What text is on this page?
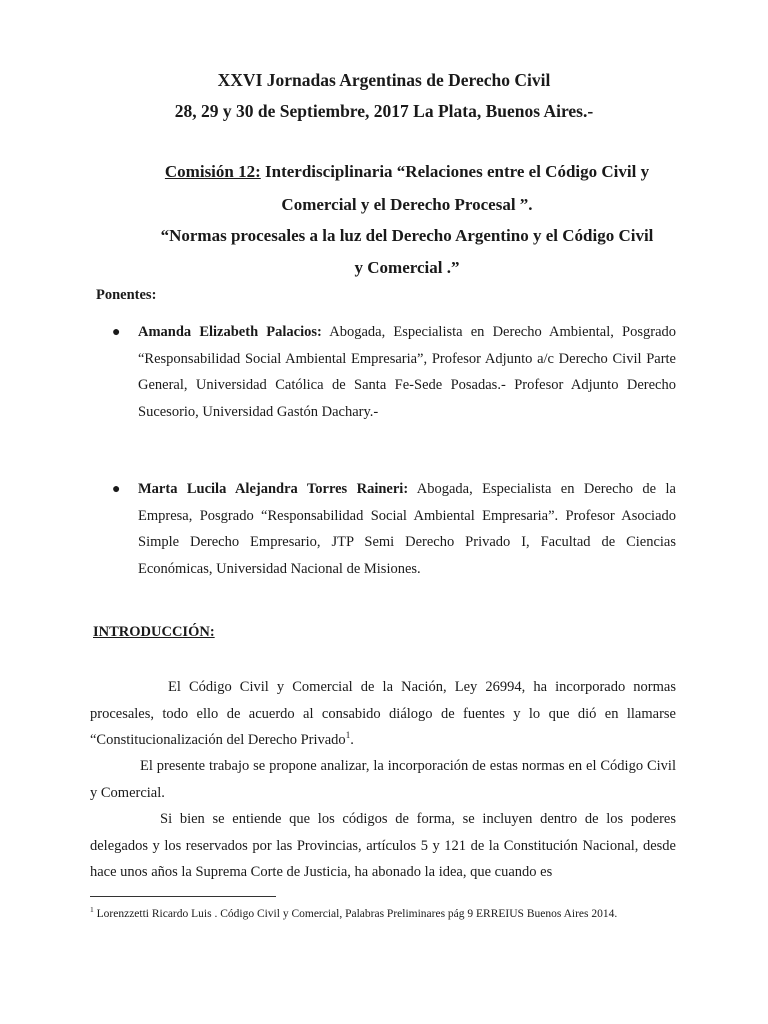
XXVI Jornadas Argentinas de Derecho Civil
28, 29 y 30 de Septiembre, 2017 La Plata, Buenos Aires.-
Comisión 12: Interdisciplinaria “Relaciones entre el Código Civil y
Comercial y el Derecho Procesal ”.
“Normas procesales a la luz del Derecho Argentino y el Código Civil
y Comercial .”
Ponentes:
● Amanda Elizabeth Palacios: Abogada, Especialista en Derecho Ambiental, Posgrado “Responsabilidad Social Ambiental Empresaria”, Profesor Adjunto a/c Derecho Civil Parte General, Universidad Católica de Santa Fe-Sede Posadas.- Profesor Adjunto Derecho Sucesorio, Universidad Gastón Dachary.-
● Marta Lucila Alejandra Torres Raineri: Abogada, Especialista en Derecho de la Empresa, Posgrado “Responsabilidad Social Ambiental Empresaria”. Profesor Asociado Simple Derecho Empresario, JTP Semi Derecho Privado I, Facultad de Ciencias Económicas, Universidad Nacional de Misiones.
INTRODUCCIÓN:
El Código Civil y Comercial de la Nación, Ley 26994, ha incorporado normas procesales, todo ello de acuerdo al consabido diálogo de fuentes y lo que dió en llamarse “Constitucionalización del Derecho Privado$^1$.
El presente trabajo se propone analizar, la incorporación de estas normas en el Código Civil y Comercial.
Si bien se entiende que los códigos de forma, se incluyen dentro de los poderes delegados y los reservados por las Provincias, artículos 5 y 121 de la Constitución Nacional, desde hace unos años la Suprema Corte de Justicia, ha abonado la idea, que cuando es
$^1$ Lorenzzetti Ricardo Luis . Código Civil y Comercial, Palabras Preliminares pág 9 ERREIUS Buenos Aires 2014.
